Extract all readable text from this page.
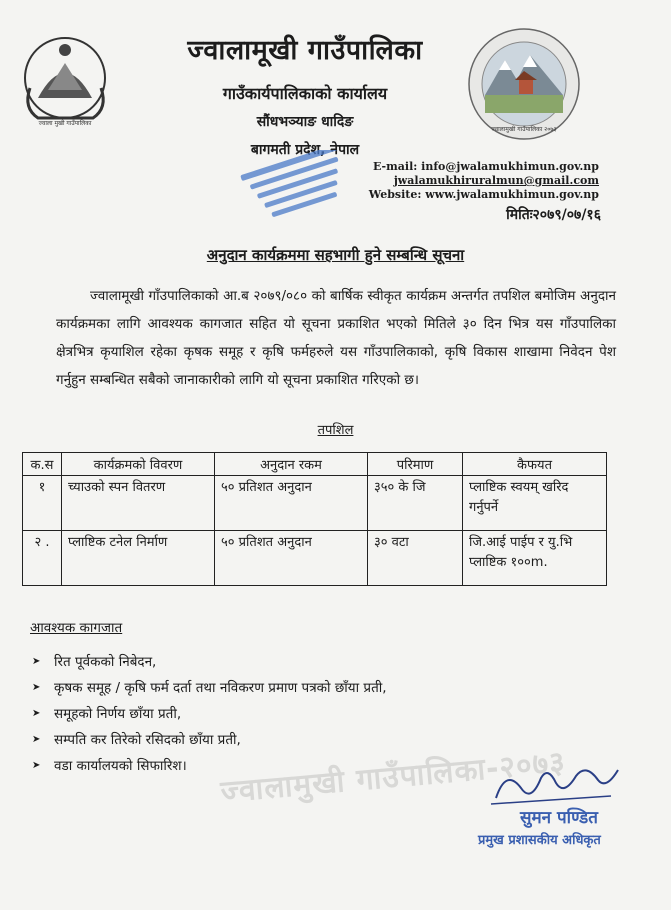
ज्वाला मुखी गाउँपालिका
ज्वालामुखी गाउँपालिका २०७३
ज्वालामूखी गाउँपालिका
गाउँकार्यपालिकाको कार्यालय
सौंधभञ्याङ धादिङ
बागमती प्रदेश, नेपाल
E-mail: info@jwalamukhimun.gov.np
jwalamukhiruralmun@gmail.com
Website: www.jwalamukhimun.gov.np
मितिः२०७९/०७/१६
अनुदान कार्यक्रममा सहभागी हुने सम्बन्धि सूचना
ज्वालामूखी गाँउपालिकाको आ.ब २०७९/०८० को बार्षिक स्वीकृत कार्यक्रम अन्तर्गत तपशिल बमोजिम अनुदान कार्यक्रमका लागि आवश्यक कागजात सहित यो सूचना प्रकाशित भएको मितिले ३० दिन भित्र यस गाँउपालिका क्षेत्रभित्र कृयाशिल रहेका कृषक समूह र कृषि फर्महरुले यस गाँउपालिकाको, कृषि विकास शाखामा निवेदन पेश गर्नुहुन सम्बन्धित सबैको जानाकारीको लागि यो सूचना प्रकाशित गरिएको छ।
तपशिल
क.स	कार्यक्रमको विवरण	अनुदान रकम	परिमाण	कैफयत
१	च्याउको स्पन वितरण	५० प्रतिशत अनुदान	३५० के जि	प्लाष्टिक स्वयम् खरिद गर्नुपर्ने
२ .	प्लाष्टिक टनेल निर्माण	५० प्रतिशत अनुदान	३० वटा	जि.आई पाईप र यु.भि प्लाष्टिक १००m.
आवश्यक कागजात
➤	रित पूर्वकको निबेदन,
➤	कृषक समूह / कृषि फर्म दर्ता तथा नविकरण प्रमाण पत्रको छाँया प्रती,
➤	समूहको निर्णय छाँया प्रती,
➤	सम्पति कर तिरेको रसिदको छाँया प्रती,
➤	वडा कार्यालयको सिफारिश। ज्वालामुखी गाउँपालिका-२०७३
सुमन पण्डित
प्रमुख प्रशासकीय अधिकृत
